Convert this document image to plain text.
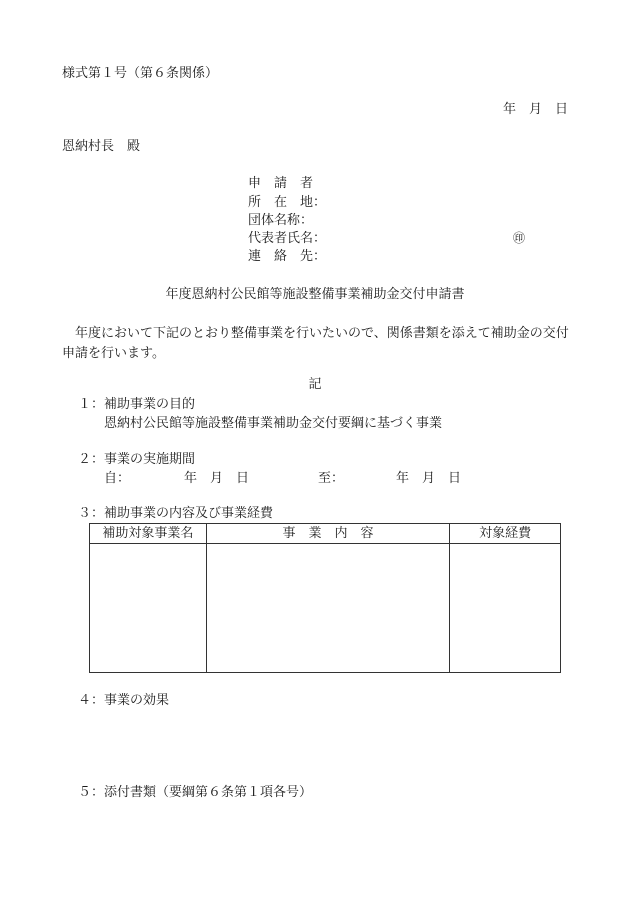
様式第１号（第６条関係）
年　月　日
恩納村長　殿
申　請　者
所　在　地：
団体名称：
代表者氏名：	㊞
連　絡　先：
年度恩納村公民館等施設整備事業補助金交付申請書
年度において下記のとおり整備事業を行いたいので、関係書類を添えて補助金の交付申請を行います。
記
１：補助事業の目的
恩納村公民館等施設整備事業補助金交付要綱に基づく事業
２：事業の実施期間
自：	年　月　日	至：	年　月　日
３：補助事業の内容及び事業経費
補助対象事業名	事　業　内　容	対象経費

４：事業の効果
５：添付書類（要綱第６条第１項各号）
